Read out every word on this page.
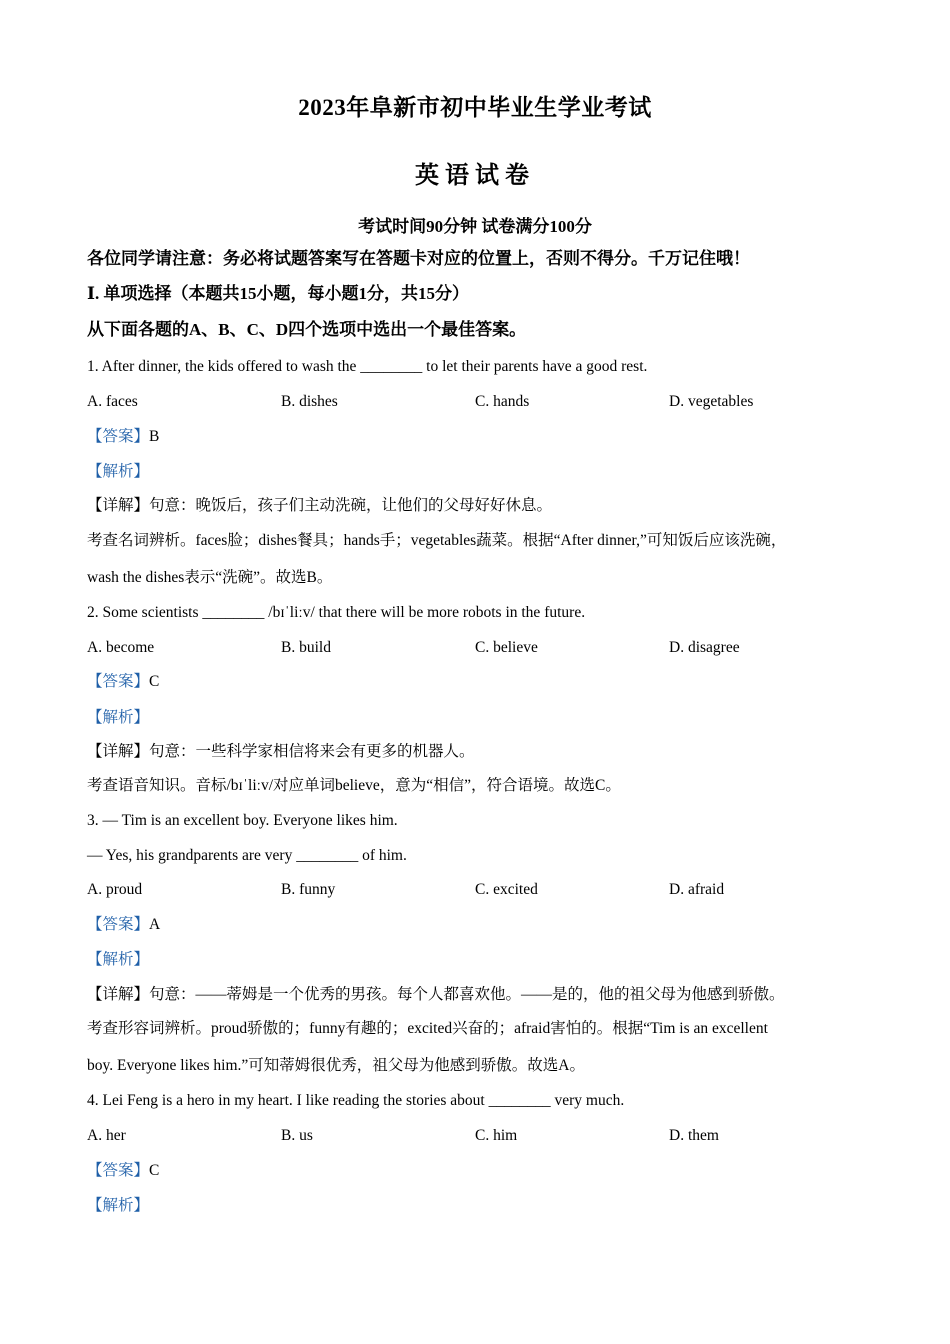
2023年阜新市初中毕业生学业考试
英语试卷
考试时间90分钟 试卷满分100分
各位同学请注意：务必将试题答案写在答题卡对应的位置上，否则不得分。千万记住哦！
Ⅰ. 单项选择（本题共15小题，每小题1分，共15分）
从下面各题的A、B、C、D四个选项中选出一个最佳答案。
1. After dinner, the kids offered to wash the ________ to let their parents have a good rest.
A. faces	B. dishes	C. hands	D. vegetables
【答案】B
【解析】
【详解】句意：晚饭后，孩子们主动洗碗，让他们的父母好好休息。
考查名词辨析。faces脸；dishes餐具；hands手；vegetables蔬菜。根据“After dinner,”可知饭后应该洗碗，
wash the dishes表示“洗碗”。故选B。
2. Some scientists ________ /bɪˈliːv/ that there will be more robots in the future.
A. become	B. build	C. believe	D. disagree
【答案】C
【解析】
【详解】句意：一些科学家相信将来会有更多的机器人。
考查语音知识。音标/bɪˈliːv/对应单词believe，意为“相信”，符合语境。故选C。
3. — Tim is an excellent boy. Everyone likes him.
— Yes, his grandparents are very ________ of him.
A. proud	B. funny	C. excited	D. afraid
【答案】A
【解析】
【详解】句意：——蒂姆是一个优秀的男孩。每个人都喜欢他。——是的，他的祖父母为他感到骄傲。
考查形容词辨析。proud骄傲的；funny有趣的；excited兴奋的；afraid害怕的。根据“Tim is an excellent
boy. Everyone likes him.”可知蒂姆很优秀，祖父母为他感到骄傲。故选A。
4. Lei Feng is a hero in my heart. I like reading the stories about ________ very much.
A. her	B. us	C. him	D. them
【答案】C
【解析】
